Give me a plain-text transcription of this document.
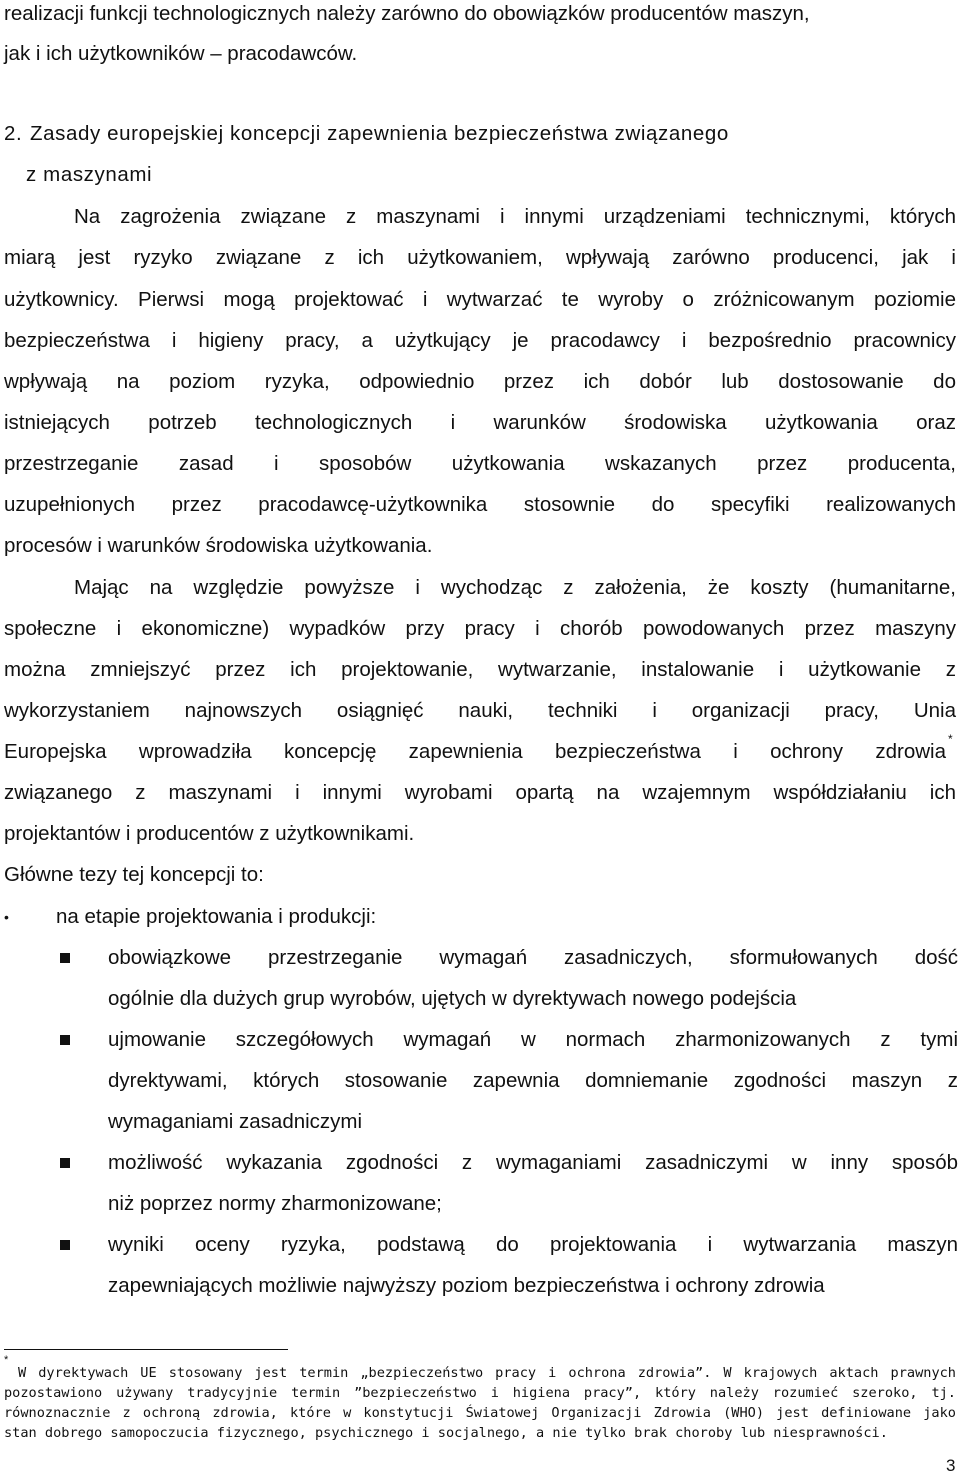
realizacji funkcji technologicznych należy zarówno do obowiązków producentów maszyn,
jak i ich użytkowników – pracodawców.
2. Zasady europejskiej koncepcji zapewnienia bezpieczeństwa związanego
z maszynami
Na zagrożenia związane z maszynami i innymi urządzeniami technicznymi, których
miarą jest ryzyko związane z ich użytkowaniem, wpływają zarówno producenci, jak i
użytkownicy. Pierwsi mogą projektować i wytwarzać te wyroby o zróżnicowanym poziomie
bezpieczeństwa i higieny pracy, a użytkujący je pracodawcy i bezpośrednio pracownicy
wpływają na poziom ryzyka, odpowiednio przez ich dobór lub dostosowanie do
istniejących potrzeb technologicznych i warunków środowiska użytkowania oraz
przestrzeganie zasad i sposobów użytkowania wskazanych przez producenta,
uzupełnionych przez pracodawcę-użytkownika stosownie do specyfiki realizowanych
procesów i warunków środowiska użytkowania.
Mając na względzie powyższe i wychodząc z założenia, że koszty (humanitarne,
społeczne i ekonomiczne) wypadków przy pracy i chorób powodowanych przez maszyny
można zmniejszyć przez ich projektowanie, wytwarzanie, instalowanie i użytkowanie z
wykorzystaniem najnowszych osiągnięć nauki, techniki i organizacji pracy, Unia
Europejska wprowadziła koncepcję zapewnienia bezpieczeństwa i ochrony zdrowia
*
związanego z maszynami i innymi wyrobami opartą na wzajemnym współdziałaniu ich
projektantów i producentów z użytkownikami.
Główne tezy tej koncepcji to:
• na etapie projektowania i produkcji:
obowiązkowe przestrzeganie wymagań zasadniczych, sformułowanych dość
ogólnie dla dużych grup wyrobów, ujętych w dyrektywach nowego podejścia
ujmowanie szczegółowych wymagań w normach zharmonizowanych z tymi
dyrektywami, których stosowanie zapewnia domniemanie zgodności maszyn z
wymaganiami zasadniczymi
możliwość wykazania zgodności z wymaganiami zasadniczymi w inny sposób
niż poprzez normy zharmonizowane;
wyniki oceny ryzyka, podstawą do projektowania i wytwarzania maszyn
zapewniających możliwie najwyższy poziom bezpieczeństwa i ochrony zdrowia
*
W dyrektywach UE stosowany jest termin „bezpieczeństwo pracy i ochrona zdrowia”. W krajowych aktach prawnych
pozostawiono używany tradycyjnie termin ”bezpieczeństwo i higiena pracy”, który należy rozumieć szeroko, tj.
równoznacznie z ochroną zdrowia, które w konstytucji Światowej Organizacji Zdrowia (WHO) jest definiowane jako
stan dobrego samopoczucia fizycznego, psychicznego i socjalnego, a nie tylko brak choroby lub niesprawności.
3
